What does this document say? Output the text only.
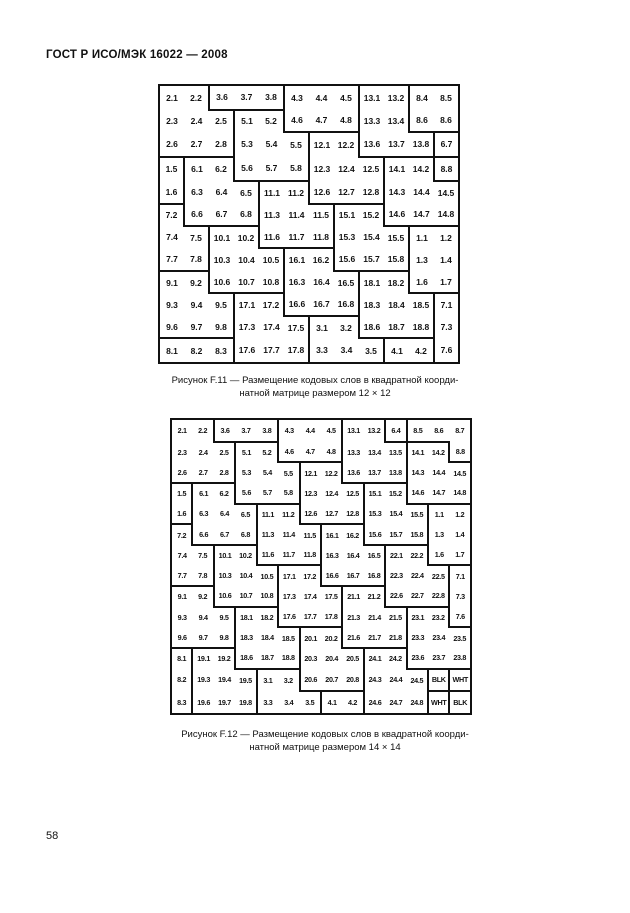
ГОСТ Р ИСО/МЭК 16022 — 2008
2.1	2.2	3.6	3.7	3.8	4.3	4.4	4.5	13.1	13.2	8.4	8.5
2.3	2.4	2.5	5.1	5.2	4.6	4.7	4.8	13.3	13.4	8.6	8.6
2.6	2.7	2.8	5.3	5.4	5.5	12.1	12.2	13.6	13.7	13.8	6.7
1.5	6.1	6.2	5.6	5.7	5.8	12.3	12.4	12.5	14.1	14.2	8.8
1.6	6.3	6.4	6.5	11.1	11.2	12.6	12.7	12.8	14.3	14.4	14.5
7.2	6.6	6.7	6.8	11.3	11.4	11.5	15.1	15.2	14.6	14.7	14.8
7.4	7.5	10.1	10.2	11.6	11.7	11.8	15.3	15.4	15.5	1.1	1.2
7.7	7.8	10.3	10.4	10.5	16.1	16.2	15.6	15.7	15.8	1.3	1.4
9.1	9.2	10.6	10.7	10.8	16.3	16.4	16.5	18.1	18.2	1.6	1.7
9.3	9.4	9.5	17.1	17.2	16.6	16.7	16.8	18.3	18.4	18.5	7.1
9.6	9.7	9.8	17.3	17.4	17.5	3.1	3.2	18.6	18.7	18.8	7.3
8.1	8.2	8.3	17.6	17.7	17.8	3.3	3.4	3.5	4.1	4.2	7.6
Рисунок F.11 — Размещение кодовых слов в квадратной коорди-
натной матрице размером 12 × 12
2.1	2.2	3.6	3.7	3.8	4.3	4.4	4.5	13.1	13.2	6.4	8.5	8.6	8.7
2.3	2.4	2.5	5.1	5.2	4.6	4.7	4.8	13.3	13.4	13.5	14.1	14.2	8.8
2.6	2.7	2.8	5.3	5.4	5.5	12.1	12.2	13.6	13.7	13.8	14.3	14.4	14.5
1.5	6.1	6.2	5.6	5.7	5.8	12.3	12.4	12.5	15.1	15.2	14.6	14.7	14.8
1.6	6.3	6.4	6.5	11.1	11.2	12.6	12.7	12.8	15.3	15.4	15.5	1.1	1.2
7.2	6.6	6.7	6.8	11.3	11.4	11.5	16.1	16.2	15.6	15.7	15.8	1.3	1.4
7.4	7.5	10.1	10.2	11.6	11.7	11.8	16.3	16.4	16.5	22.1	22.2	1.6	1.7
7.7	7.8	10.3	10.4	10.5	17.1	17.2	16.6	16.7	16.8	22.3	22.4	22.5	7.1
9.1	9.2	10.6	10.7	10.8	17.3	17.4	17.5	21.1	21.2	22.6	22.7	22.8	7.3
9.3	9.4	9.5	18.1	18.2	17.6	17.7	17.8	21.3	21.4	21.5	23.1	23.2	7.6
9.6	9.7	9.8	18.3	18.4	18.5	20.1	20.2	21.6	21.7	21.8	23.3	23.4	23.5
8.1	19.1	19.2	18.6	18.7	18.8	20.3	20.4	20.5	24.1	24.2	23.6	23.7	23.8
8.2	19.3	19.4	19.5	3.1	3.2	20.6	20.7	20.8	24.3	24.4	24.5	BLK	WHT
8.3	19.6	19.7	19.8	3.3	3.4	3.5	4.1	4.2	24.6	24.7	24.8	WHT	BLK
Рисунок F.12 — Размещение кодовых слов в квадратной коорди-
натной матрице размером 14 × 14
58
